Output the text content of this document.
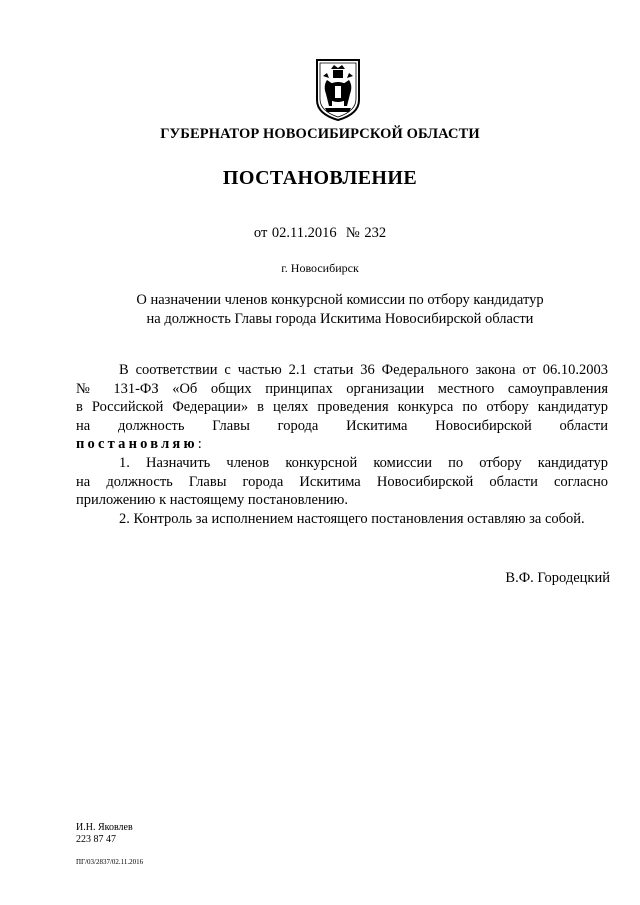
ГУБЕРНАТОР НОВОСИБИРСКОЙ ОБЛАСТИ
ПОСТАНОВЛЕНИЕ
от 02.11.2016 № 232
г. Новосибирск
О назначении членов конкурсной комиссии по отбору кандидатур
на должность Главы города Искитима Новосибирской области
В соответствии с частью 2.1 статьи 36 Федерального закона от 06.10.2003
№ 131-ФЗ «Об общих принципах организации местного самоуправления
в Российской Федерации» в целях проведения конкурса по отбору кандидатур
на должность Главы города Искитима Новосибирской области
постановляю:
1. Назначить членов конкурсной комиссии по отбору кандидатур
на должность Главы города Искитима Новосибирской области согласно
приложению к настоящему постановлению.
2. Контроль за исполнением настоящего постановления оставляю за собой.
В.Ф. Городецкий
И.Н. Яковлев
223 87 47
ПГ/03/2837/02.11.2016
